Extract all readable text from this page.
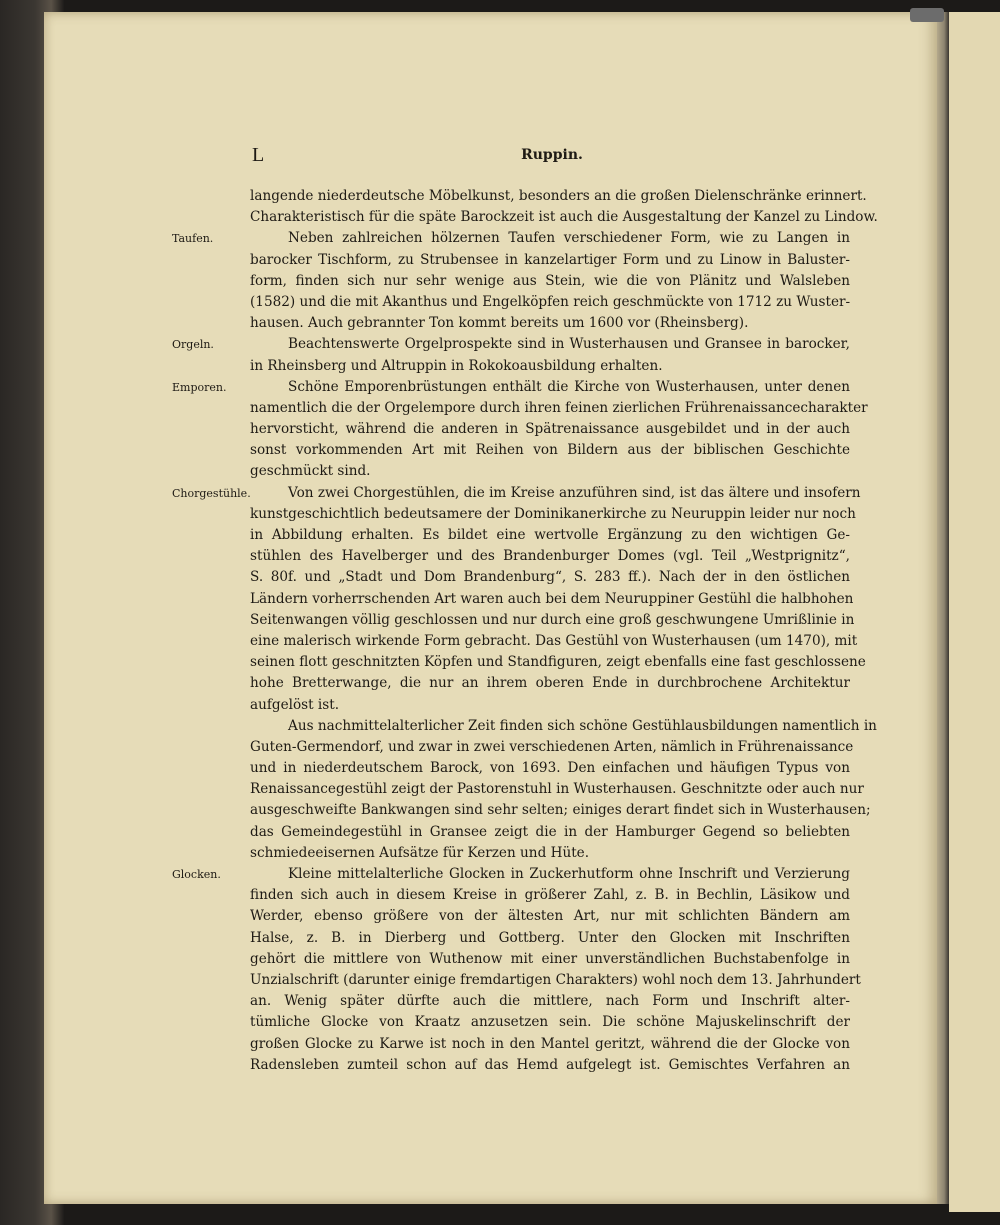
L	Ruppin.
langende niederdeutsche Möbelkunst, besonders an die großen Dielenschränke erinnert.
Charakteristisch für die späte Barockzeit ist auch die Ausgestaltung der Kanzel zu Lindow.
Neben zahlreichen hölzernen Taufen verschiedener Form, wie zu Langen in
Taufen.
barocker Tischform, zu Strubensee in kanzelartiger Form und zu Linow in Baluster-
form, finden sich nur sehr wenige aus Stein, wie die von Plänitz und Walsleben
(1582) und die mit Akanthus und Engelköpfen reich geschmückte von 1712 zu Wuster-
hausen. Auch gebrannter Ton kommt bereits um 1600 vor (Rheinsberg).
Beachtenswerte Orgelprospekte sind in Wusterhausen und Gransee in barocker,
Orgeln.
in Rheinsberg und Altruppin in Rokokoausbildung erhalten.
Schöne Emporenbrüstungen enthält die Kirche von Wusterhausen, unter denen
Emporen.
namentlich die der Orgelempore durch ihren feinen zierlichen Frührenaissancecharakter
hervorsticht, während die anderen in Spätrenaissance ausgebildet und in der auch
sonst vorkommenden Art mit Reihen von Bildern aus der biblischen Geschichte
geschmückt sind.
Von zwei Chorgestühlen, die im Kreise anzuführen sind, ist das ältere und insofern
Chorgestühle.
kunstgeschichtlich bedeutsamere der Dominikanerkirche zu Neuruppin leider nur noch
in Abbildung erhalten. Es bildet eine wertvolle Ergänzung zu den wichtigen Ge-
stühlen des Havelberger und des Brandenburger Domes (vgl. Teil „Westprignitz“,
S. 80f. und „Stadt und Dom Brandenburg“, S. 283 ff.). Nach der in den östlichen
Ländern vorherrschenden Art waren auch bei dem Neuruppiner Gestühl die halbhohen
Seitenwangen völlig geschlossen und nur durch eine groß geschwungene Umrißlinie in
eine malerisch wirkende Form gebracht. Das Gestühl von Wusterhausen (um 1470), mit
seinen flott geschnitzten Köpfen und Standfiguren, zeigt ebenfalls eine fast geschlossene
hohe Bretterwange, die nur an ihrem oberen Ende in durchbrochene Architektur
aufgelöst ist.
Aus nachmittelalterlicher Zeit finden sich schöne Gestühlausbildungen namentlich in
Guten-Germendorf, und zwar in zwei verschiedenen Arten, nämlich in Frührenaissance
und in niederdeutschem Barock, von 1693. Den einfachen und häufigen Typus von
Renaissancegestühl zeigt der Pastorenstuhl in Wusterhausen. Geschnitzte oder auch nur
ausgeschweifte Bankwangen sind sehr selten; einiges derart findet sich in Wusterhausen;
das Gemeindegestühl in Gransee zeigt die in der Hamburger Gegend so beliebten
schmiedeeisernen Aufsätze für Kerzen und Hüte.
Kleine mittelalterliche Glocken in Zuckerhutform ohne Inschrift und Verzierung
Glocken.
finden sich auch in diesem Kreise in größerer Zahl, z. B. in Bechlin, Läsikow und
Werder, ebenso größere von der ältesten Art, nur mit schlichten Bändern am
Halse, z. B. in Dierberg und Gottberg. Unter den Glocken mit Inschriften
gehört die mittlere von Wuthenow mit einer unverständlichen Buchstabenfolge in
Unzialschrift (darunter einige fremdartigen Charakters) wohl noch dem 13. Jahrhundert
an. Wenig später dürfte auch die mittlere, nach Form und Inschrift alter-
tümliche Glocke von Kraatz anzusetzen sein. Die schöne Majuskelinschrift der
großen Glocke zu Karwe ist noch in den Mantel geritzt, während die der Glocke von
Radensleben zumteil schon auf das Hemd aufgelegt ist. Gemischtes Verfahren an
